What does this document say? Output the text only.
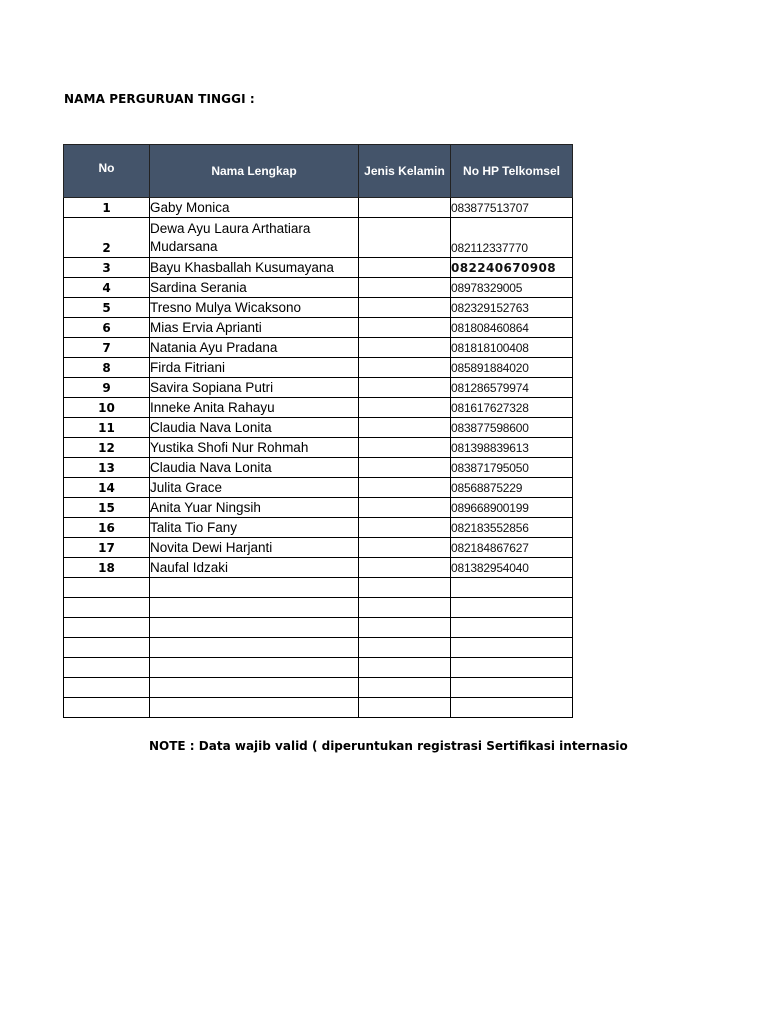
NAMA PERGURUAN TINGGI :
No	Nama Lengkap	Jenis Kelamin	No HP Telkomsel
1	Gaby Monica		083877513707
2	Dewa Ayu Laura Arthatiara Mudarsana		082112337770
3	Bayu Khasballah Kusumayana		082240670908
4	Sardina Serania		08978329005
5	Tresno Mulya Wicaksono		082329152763
6	Mias Ervia Aprianti		081808460864
7	Natania Ayu Pradana		081818100408
8	Firda Fitriani		085891884020
9	Savira Sopiana Putri		081286579974
10	Inneke Anita Rahayu		081617627328
11	Claudia Nava Lonita		083877598600
12	Yustika Shofi Nur Rohmah		081398839613
13	Claudia Nava Lonita		083871795050
14	Julita Grace		08568875229
15	Anita Yuar Ningsih		089668900199
16	Talita Tio Fany		082183552856
17	Novita Dewi Harjanti		082184867627
18	Naufal Idzaki		081382954040

NOTE : Data wajib valid ( diperuntukan registrasi Sertifikasi internasio
